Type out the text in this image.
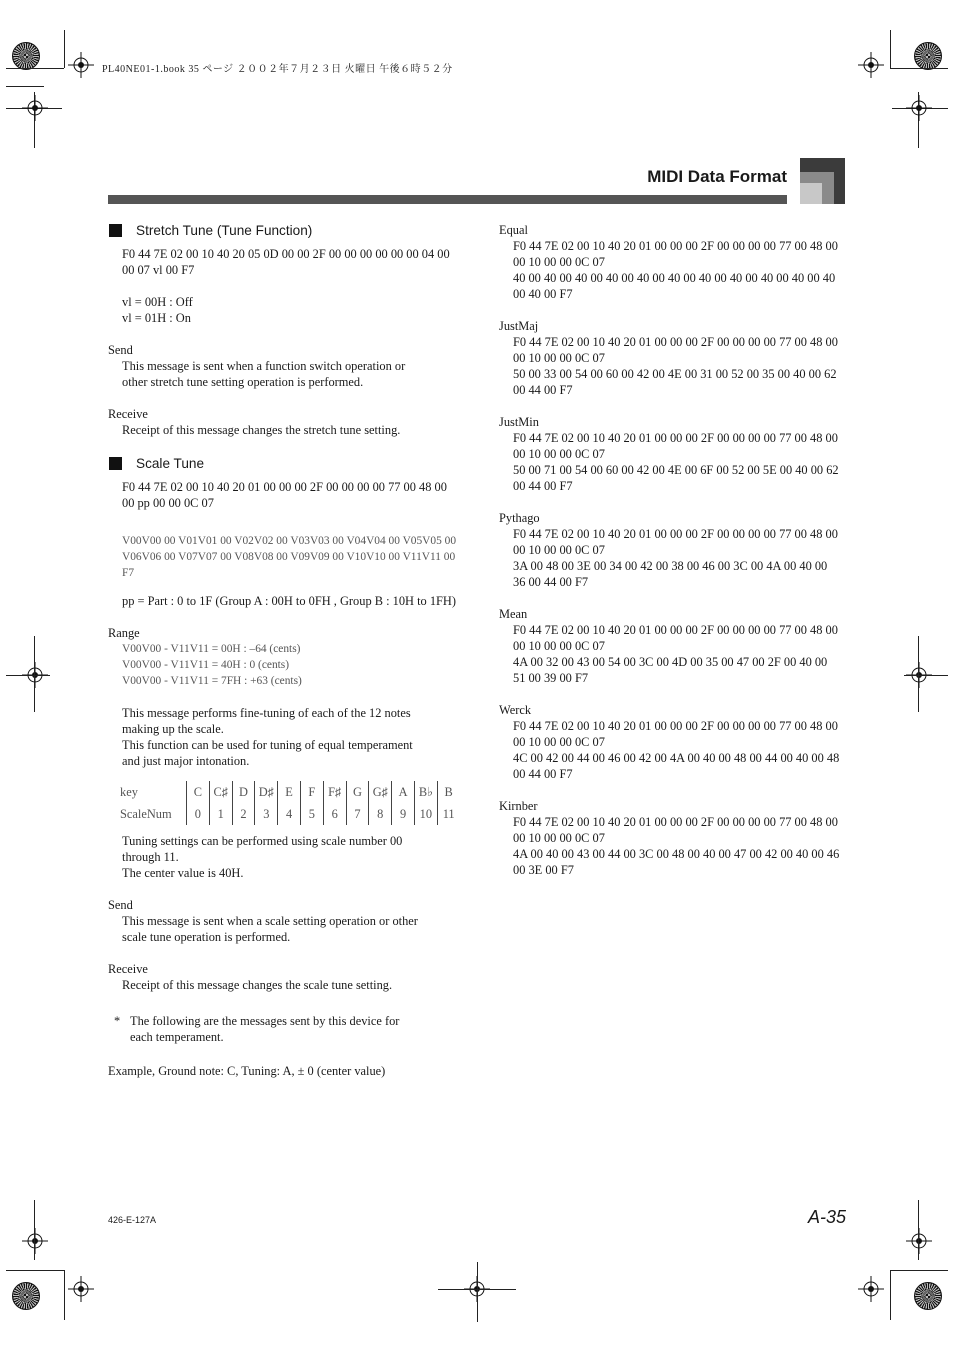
PL40NE01-1.book 35 ページ ２００２年７月２３日 火曜日 午後６時５２分
MIDI Data Format
Stretch Tune (Tune Function)
F0 44 7E 02 00 10 40 20 05 0D 00 00 2F 00 00 00 00 00 00 04 00
00 07 vl 00 F7
vl = 00H : Off
vl = 01H : On
Send
This message is sent when a function switch operation or
other stretch tune setting operation is performed.
Receive
Receipt of this message changes the stretch tune setting.
Scale Tune
F0 44 7E 02 00 10 40 20 01 00 00 00 2F 00 00 00 00 77 00 48 00
00 pp 00 00 0C 07
V00V00 00 V01V01 00 V02V02 00 V03V03 00 V04V04 00 V05V05 00
V06V06 00 V07V07 00 V08V08 00 V09V09 00 V10V10 00 V11V11 00 F7
pp = Part : 0 to 1F (Group A : 00H to 0FH , Group B : 10H to 1FH)
Range
V00V00 - V11V11 = 00H : –64 (cents)
V00V00 - V11V11 = 40H : 0 (cents)
V00V00 - V11V11 = 7FH : +63 (cents)
This message performs fine-tuning of each of the 12 notes
making up the scale.
This function can be used for tuning of equal temperament
and just major intonation.
key	C	C♯	D	D♯	E	F	F♯	G	G♯	A	B♭	B
ScaleNum	0	1	2	3	4	5	6	7	8	9	10	11
Tuning settings can be performed using scale number 00
through 11.
The center value is 40H.
Send
This message is sent when a scale setting operation or other
scale tune operation is performed.
Receive
Receipt of this message changes the scale tune setting.
* The following are the messages sent by this device for
each temperament.
Example, Ground note: C, Tuning: A, ± 0 (center value)
Equal
F0 44 7E 02 00 10 40 20 01 00 00 00 2F 00 00 00 00 77 00 48 00
00 10 00 00 0C 07
40 00 40 00 40 00 40 00 40 00 40 00 40 00 40 00 40 00 40 00 40
00 40 00 F7
JustMaj
F0 44 7E 02 00 10 40 20 01 00 00 00 2F 00 00 00 00 77 00 48 00
00 10 00 00 0C 07
50 00 33 00 54 00 60 00 42 00 4E 00 31 00 52 00 35 00 40 00 62
00 44 00 F7
JustMin
F0 44 7E 02 00 10 40 20 01 00 00 00 2F 00 00 00 00 77 00 48 00
00 10 00 00 0C 07
50 00 71 00 54 00 60 00 42 00 4E 00 6F 00 52 00 5E 00 40 00 62
00 44 00 F7
Pythago
F0 44 7E 02 00 10 40 20 01 00 00 00 2F 00 00 00 00 77 00 48 00
00 10 00 00 0C 07
3A 00 48 00 3E 00 34 00 42 00 38 00 46 00 3C 00 4A 00 40 00
36 00 44 00 F7
Mean
F0 44 7E 02 00 10 40 20 01 00 00 00 2F 00 00 00 00 77 00 48 00
00 10 00 00 0C 07
4A 00 32 00 43 00 54 00 3C 00 4D 00 35 00 47 00 2F 00 40 00
51 00 39 00 F7
Werck
F0 44 7E 02 00 10 40 20 01 00 00 00 2F 00 00 00 00 77 00 48 00
00 10 00 00 0C 07
4C 00 42 00 44 00 46 00 42 00 4A 00 40 00 48 00 44 00 40 00 48
00 44 00 F7
Kirnber
F0 44 7E 02 00 10 40 20 01 00 00 00 2F 00 00 00 00 77 00 48 00
00 10 00 00 0C 07
4A 00 40 00 43 00 44 00 3C 00 48 00 40 00 47 00 42 00 40 00 46
00 3E 00 F7
426-E-127A	A-35
